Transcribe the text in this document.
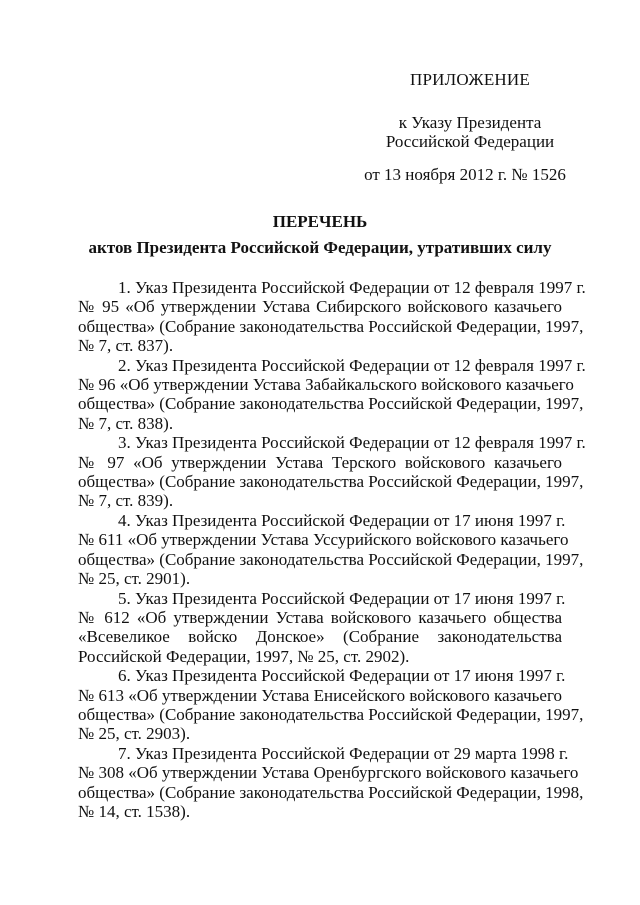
ПРИЛОЖЕНИЕ
к Указу Президента
Российской Федерации
от 13 ноября 2012 г. № 1526
ПЕРЕЧЕНЬ
актов Президента Российской Федерации, утративших силу
1. Указ Президента Российской Федерации от 12 февраля 1997 г.
№ 95 «Об утверждении Устава Сибирского войскового казачьего
общества» (Собрание законодательства Российской Федерации, 1997,
№ 7, ст. 837).
2. Указ Президента Российской Федерации от 12 февраля 1997 г.
№ 96 «Об утверждении Устава Забайкальского войскового казачьего
общества» (Собрание законодательства Российской Федерации, 1997,
№ 7, ст. 838).
3. Указ Президента Российской Федерации от 12 февраля 1997 г.
№ 97 «Об утверждении Устава Терского войскового казачьего
общества» (Собрание законодательства Российской Федерации, 1997,
№ 7, ст. 839).
4. Указ Президента Российской Федерации от 17 июня 1997 г.
№ 611 «Об утверждении Устава Уссурийского войскового казачьего
общества» (Собрание законодательства Российской Федерации, 1997,
№ 25, ст. 2901).
5. Указ Президента Российской Федерации от 17 июня 1997 г.
№ 612 «Об утверждении Устава войскового казачьего общества
«Всевеликое войско Донское» (Собрание законодательства
Российской Федерации, 1997, № 25, ст. 2902).
6. Указ Президента Российской Федерации от 17 июня 1997 г.
№ 613 «Об утверждении Устава Енисейского войскового казачьего
общества» (Собрание законодательства Российской Федерации, 1997,
№ 25, ст. 2903).
7. Указ Президента Российской Федерации от 29 марта 1998 г.
№ 308 «Об утверждении Устава Оренбургского войскового казачьего
общества» (Собрание законодательства Российской Федерации, 1998,
№ 14, ст. 1538).
